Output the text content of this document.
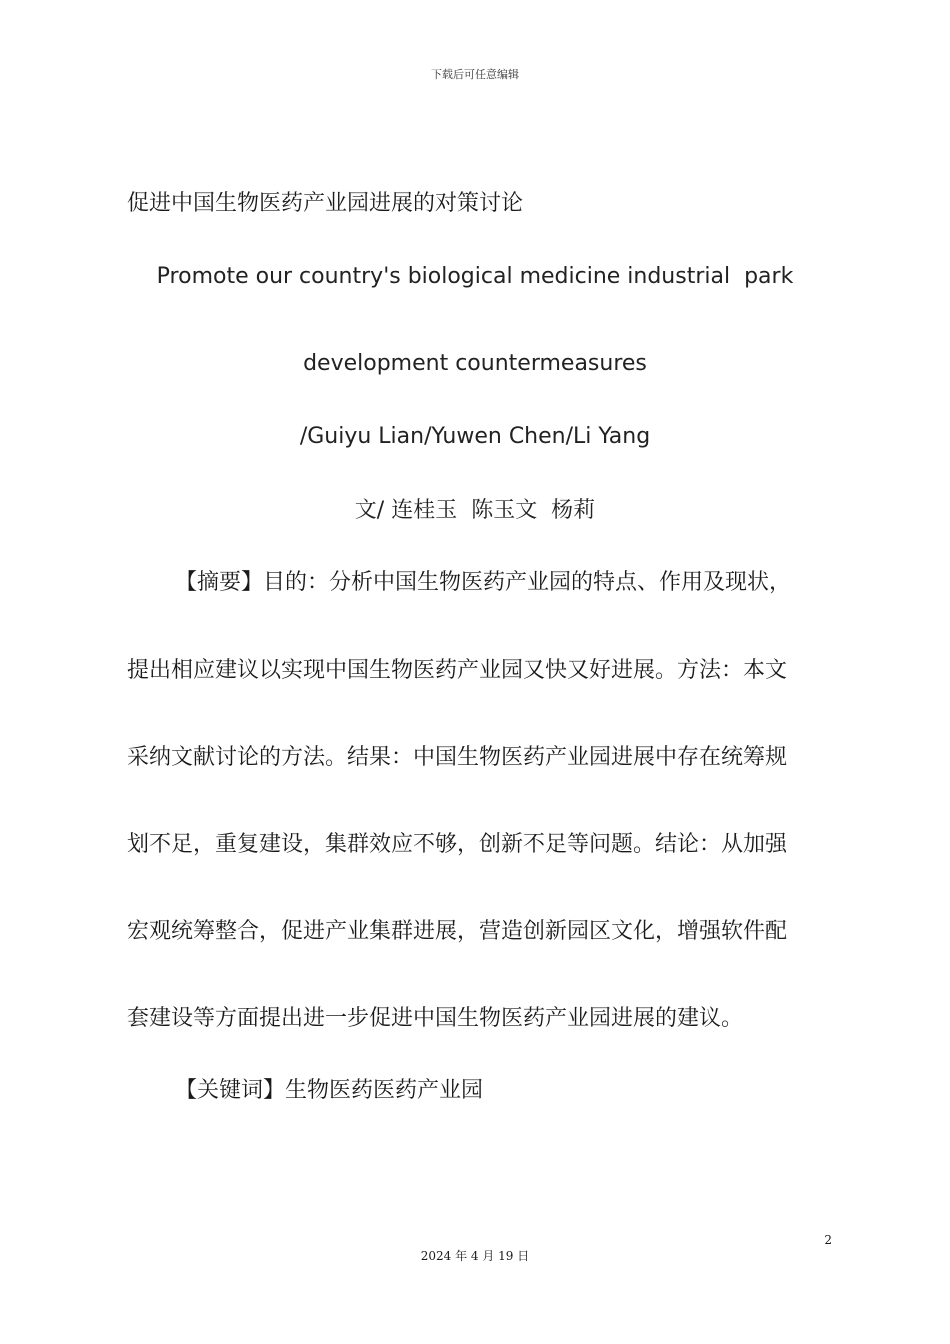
下载后可任意编辑
促进中国生物医药产业园进展的对策讨论
Promote our country's biological medicine industrial  park
development countermeasures
/Guiyu Lian/Yuwen Chen/Li Yang
文/ 连桂玉  陈玉文  杨莉
【摘要】目的：分析中国生物医药产业园的特点、作用及现状，
提出相应建议以实现中国生物医药产业园又快又好进展。方法：本文
采纳文献讨论的方法。结果：中国生物医药产业园进展中存在统筹规
划不足，重复建设，集群效应不够，创新不足等问题。结论：从加强
宏观统筹整合，促进产业集群进展，营造创新园区文化，增强软件配
套建设等方面提出进一步促进中国生物医药产业园进展的建议。
【关键词】生物医药医药产业园
2
2024 年 4 月 19 日
